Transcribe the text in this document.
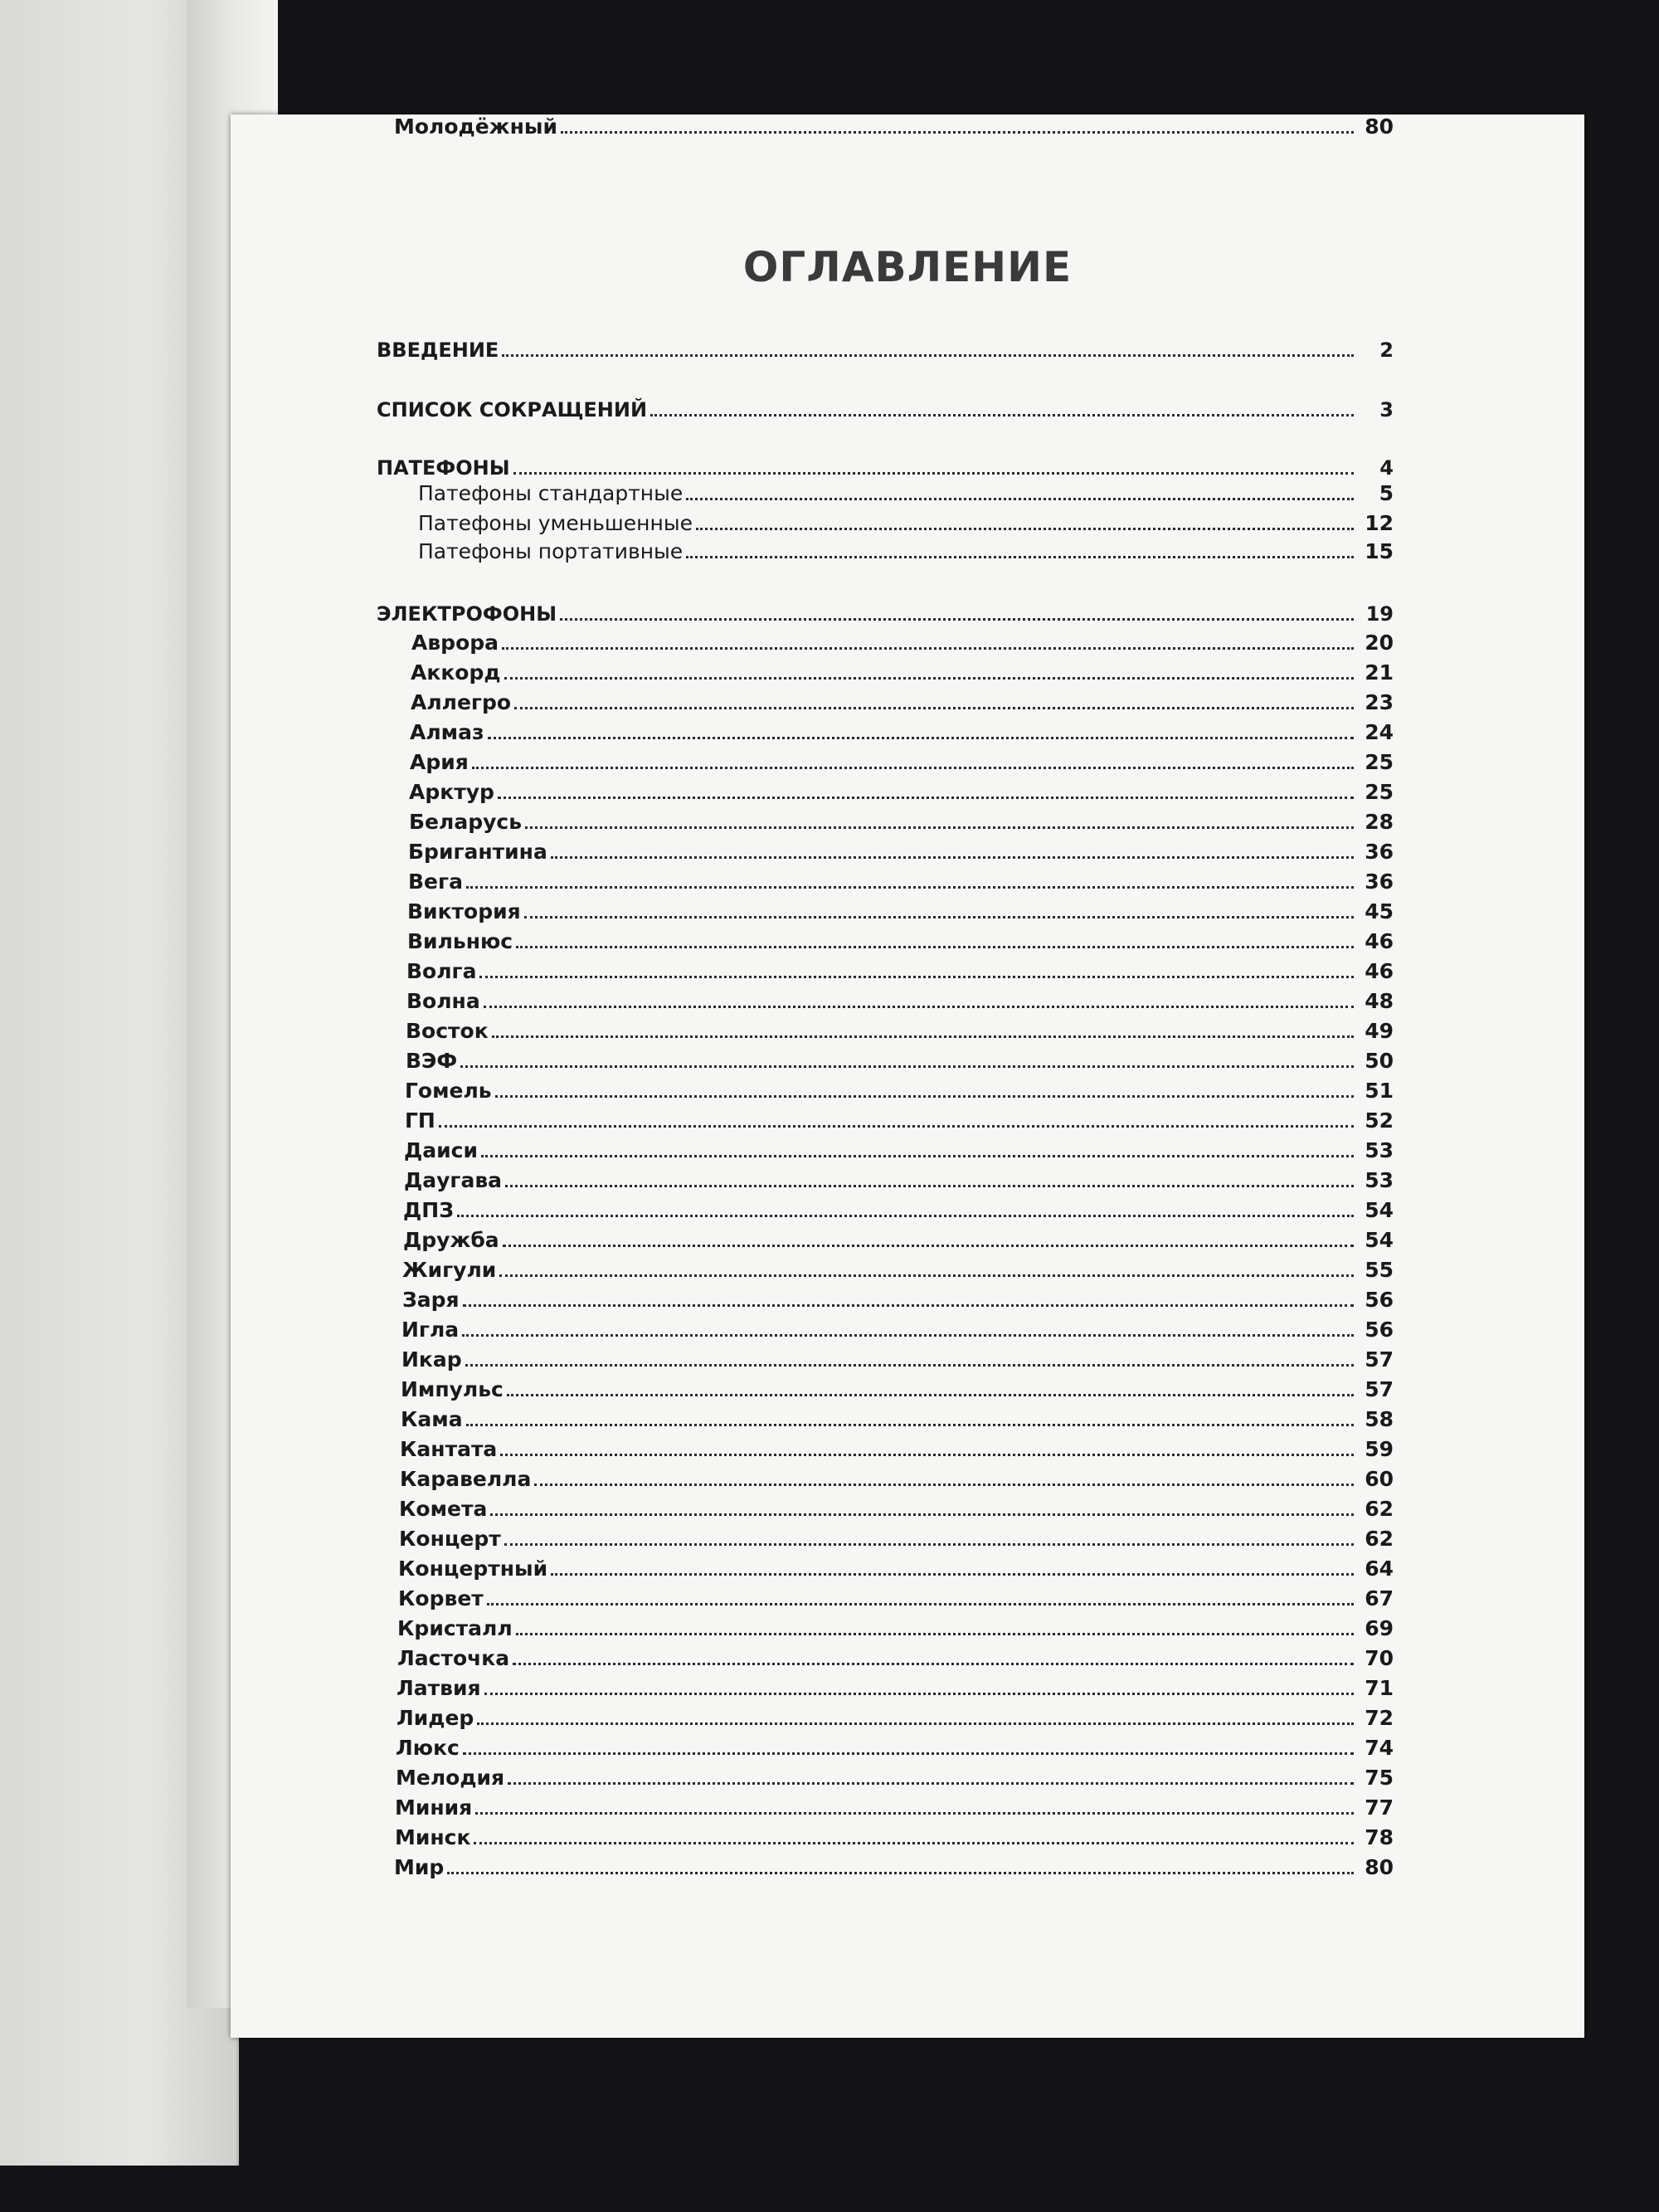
ОГЛАВЛЕНИЕ
ВВЕДЕНИЕ	2
СПИСОК СОКРАЩЕНИЙ	3
ПАТЕФОНЫ	4
Патефоны стандартные	5
Патефоны уменьшенные	12
Патефоны портативные	15
ЭЛЕКТРОФОНЫ	19
Аврора	20
Аккорд	21
Аллегро	23
Алмаз	24
Ария	25
Арктур	25
Беларусь	28
Бригантина	36
Вега	36
Виктория	45
Вильнюс	46
Волга	46
Волна	48
Восток	49
ВЭФ	50
Гомель	51
ГП	52
Даиси	53
Даугава	53
ДПЗ	54
Дружба	54
Жигули	55
Заря	56
Игла	56
Икар	57
Импульс	57
Кама	58
Кантата	59
Каравелла	60
Комета	62
Концерт	62
Концертный	64
Корвет	67
Кристалл	69
Ласточка	70
Латвия	71
Лидер	72
Люкс	74
Мелодия	75
Миния	77
Минск	78
Мир	80
Молодёжный	80
